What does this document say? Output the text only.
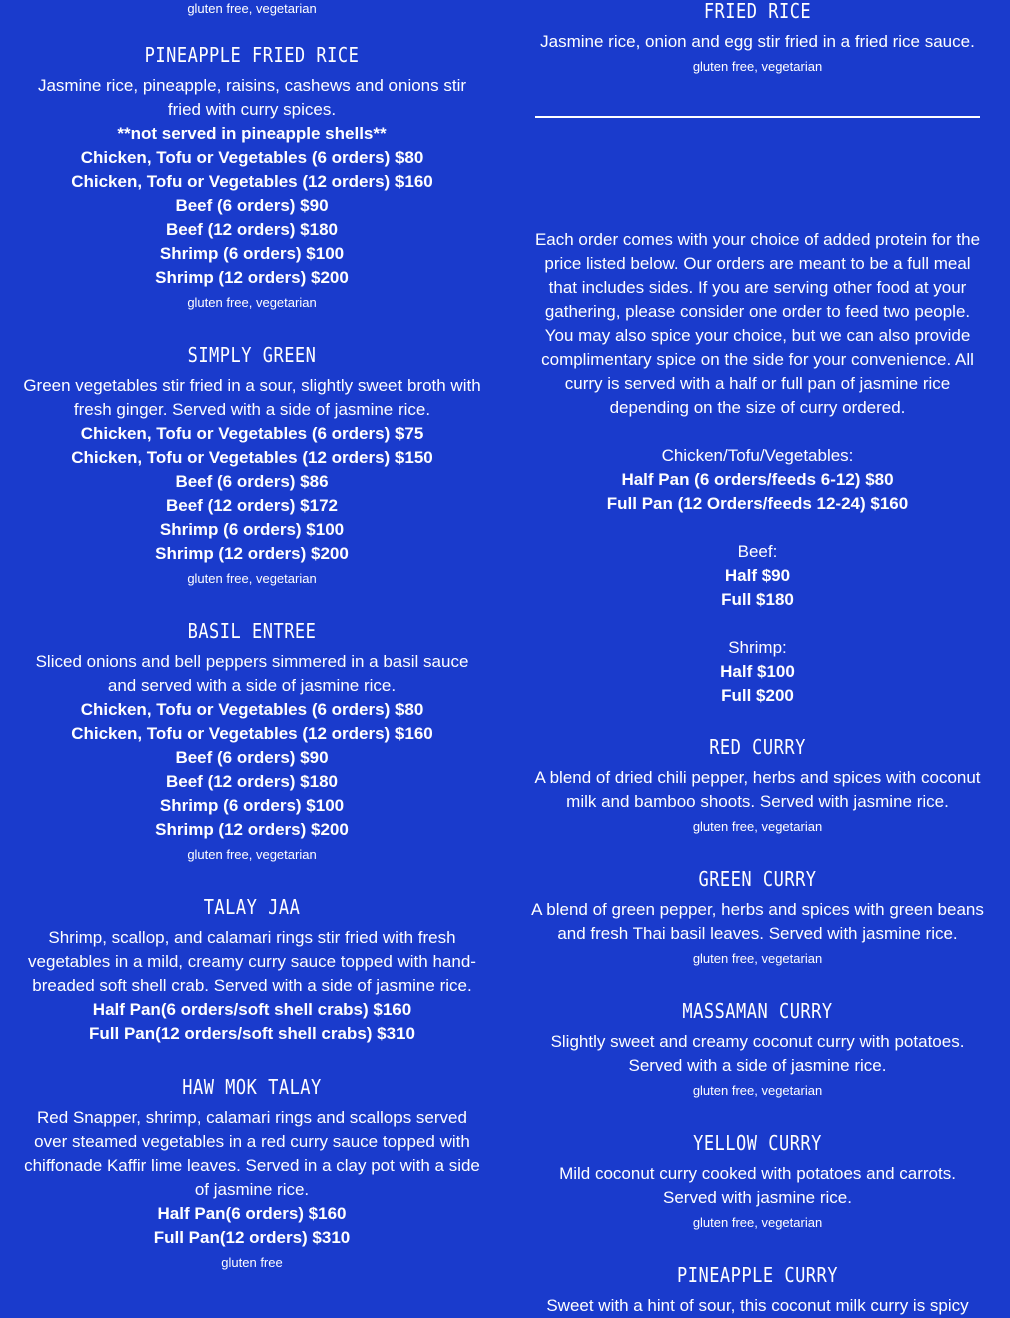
gluten free, vegetarian
PINEAPPLE FRIED RICE
Jasmine rice, pineapple, raisins, cashews and onions stir fried with curry spices.
**not served in pineapple shells**
Chicken, Tofu or Vegetables (6 orders) $80
Chicken, Tofu or Vegetables (12 orders) $160
Beef (6 orders) $90
Beef (12 orders) $180
Shrimp (6 orders) $100
Shrimp (12 orders) $200
gluten free, vegetarian
SIMPLY GREEN
Green vegetables stir fried in a sour, slightly sweet broth with fresh ginger. Served with a side of jasmine rice.
Chicken, Tofu or Vegetables (6 orders) $75
Chicken, Tofu or Vegetables (12 orders) $150
Beef (6 orders) $86
Beef (12 orders) $172
Shrimp (6 orders) $100
Shrimp (12 orders) $200
gluten free, vegetarian
BASIL ENTREE
Sliced onions and bell peppers simmered in a basil sauce and served with a side of jasmine rice.
Chicken, Tofu or Vegetables (6 orders) $80
Chicken, Tofu or Vegetables (12 orders) $160
Beef (6 orders) $90
Beef (12 orders) $180
Shrimp (6 orders) $100
Shrimp (12 orders) $200
gluten free, vegetarian
TALAY JAA
Shrimp, scallop, and calamari rings stir fried with fresh vegetables in a mild, creamy curry sauce topped with hand-breaded soft shell crab. Served with a side of jasmine rice.
Half Pan(6 orders/soft shell crabs) $160
Full Pan(12 orders/soft shell crabs) $310
HAW MOK TALAY
Red Snapper, shrimp, calamari rings and scallops served over steamed vegetables in a red curry sauce topped with chiffonade Kaffir lime leaves. Served in a clay pot with a side of jasmine rice.
Half Pan(6 orders) $160
Full Pan(12 orders) $310
gluten free
FRIED RICE
Jasmine rice, onion and egg stir fried in a fried rice sauce.
gluten free, vegetarian
Each order comes with your choice of added protein for the price listed below. Our orders are meant to be a full meal that includes sides. If you are serving other food at your gathering, please consider one order to feed two people. You may also spice your choice, but we can also provide complimentary spice on the side for your convenience. All curry is served with a half or full pan of jasmine rice depending on the size of curry ordered.
Chicken/Tofu/Vegetables:
Half Pan (6 orders/feeds 6-12) $80
Full Pan (12 Orders/feeds 12-24) $160
Beef:
Half $90
Full $180
Shrimp:
Half $100
Full $200
RED CURRY
A blend of dried chili pepper, herbs and spices with coconut milk and bamboo shoots. Served with jasmine rice.
gluten free, vegetarian
GREEN CURRY
A blend of green pepper, herbs and spices with green beans and fresh Thai basil leaves. Served with jasmine rice.
gluten free, vegetarian
MASSAMAN CURRY
Slightly sweet and creamy coconut curry with potatoes. Served with a side of jasmine rice.
gluten free, vegetarian
YELLOW CURRY
Mild coconut curry cooked with potatoes and carrots. Served with jasmine rice.
gluten free, vegetarian
PINEAPPLE CURRY
Sweet with a hint of sour, this coconut milk curry is spicy
